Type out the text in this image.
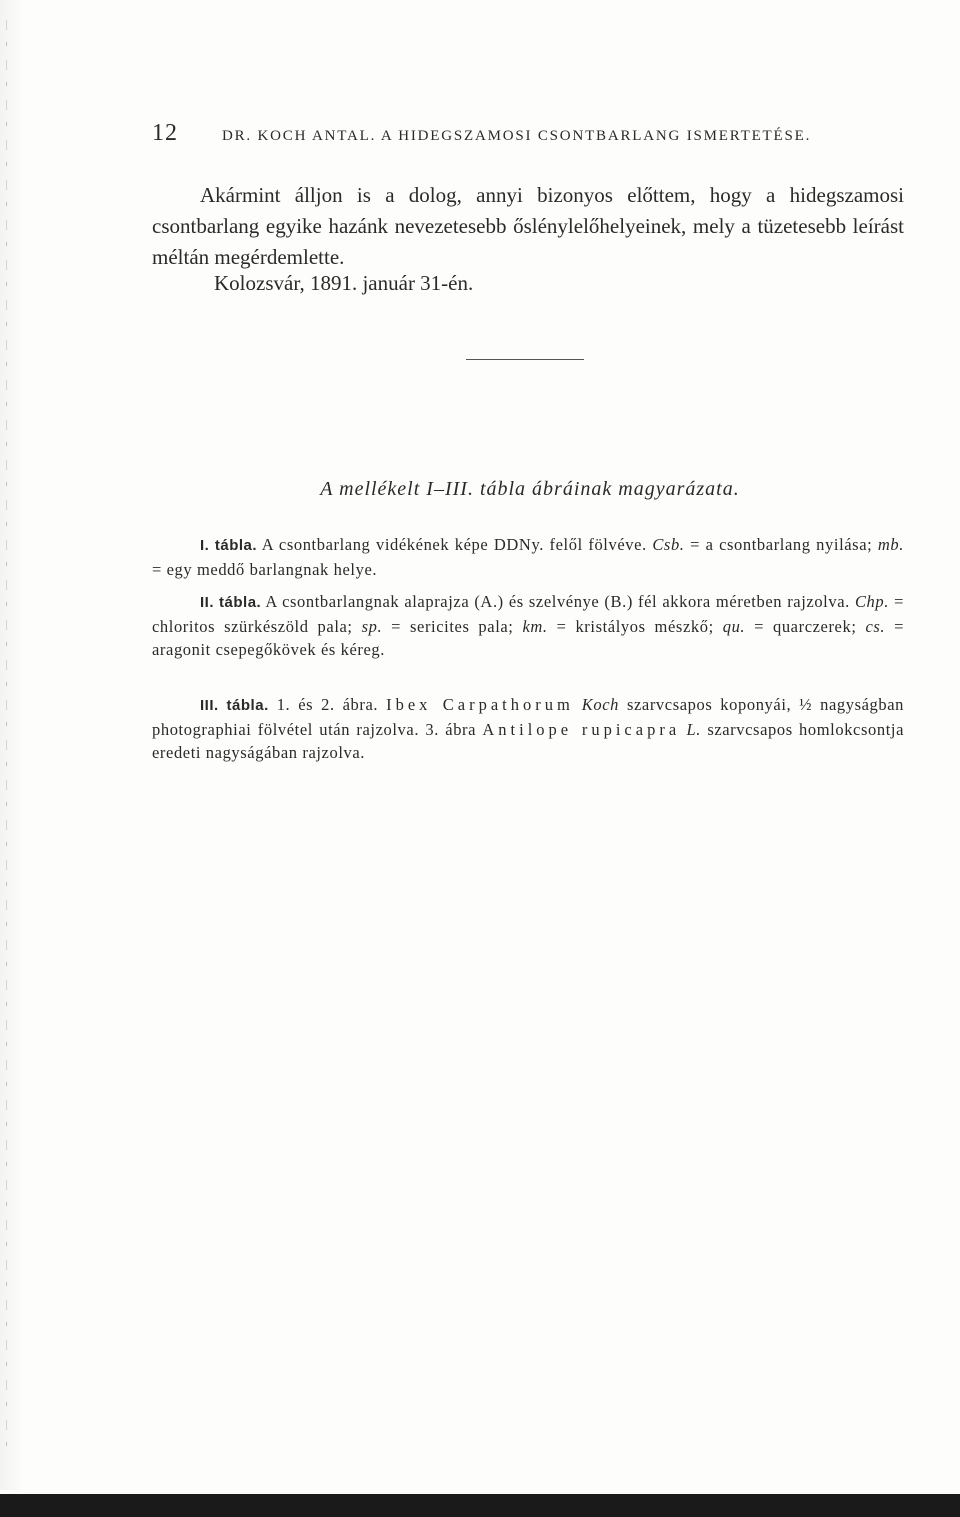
12	DR. KOCH ANTAL. A HIDEGSZAMOSI CSONTBARLANG ISMERTETÉSE.

Akármint álljon is a dolog, annyi bizonyos előttem, hogy a hidegszamosi csontbarlang egyike hazánk nevezetesebb őslénylelőhelyeinek, mely a tüzetesebb leírást méltán megérdemlette.

Kolozsvár, 1891. január 31-én.
A mellékelt I–III. tábla ábráinak magyarázata.

I. tábla. A csontbarlang vidékének képe DDNy. felől fölvéve. Csb. = a csontbarlang nyilása; mb. = egy meddő barlangnak helye.

II. tábla. A csontbarlangnak alaprajza (A.) és szelvénye (B.) fél akkora méretben rajzolva. Chp. = chloritos szürkészöld pala; sp. = sericites pala; km. = kristályos mészkő; qu. = quarczerek; cs. = aragonit csepegőkövek és kéreg.

III. tábla. 1. és 2. ábra. Ibex Carpathorum Koch szarvcsapos koponyái, ½ nagyságban photographiai fölvétel után rajzolva. 3. ábra Antilope rupicapra L. szarvcsapos homlokcsontja eredeti nagyságában rajzolva.
